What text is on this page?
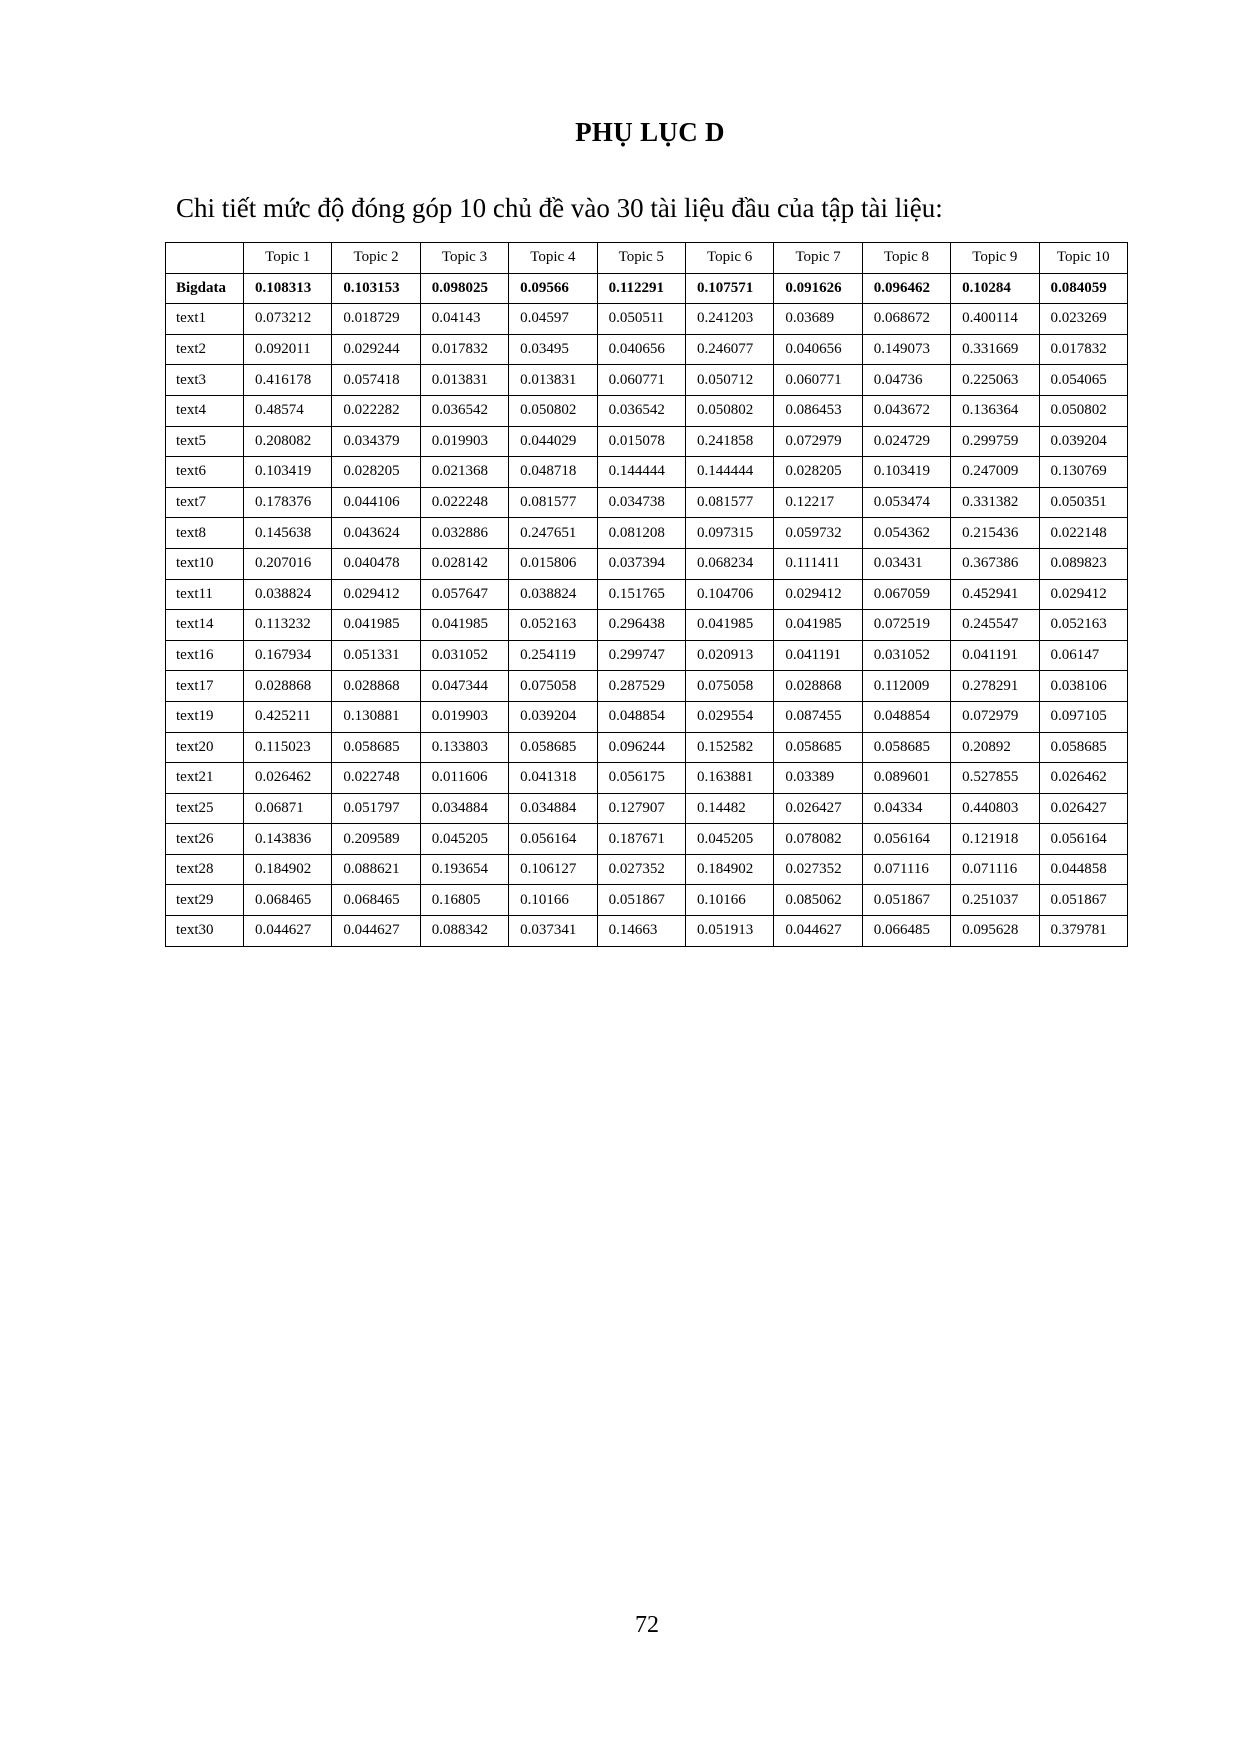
PHỤ LỤC D
Chi tiết mức độ đóng góp 10 chủ đề vào 30 tài liệu đầu của tập tài liệu:
	Topic 1	Topic 2	Topic 3	Topic 4	Topic 5	Topic 6	Topic 7	Topic 8	Topic 9	Topic 10
Bigdata	0.108313	0.103153	0.098025	0.09566	0.112291	0.107571	0.091626	0.096462	0.10284	0.084059
text1	0.073212	0.018729	0.04143	0.04597	0.050511	0.241203	0.03689	0.068672	0.400114	0.023269
text2	0.092011	0.029244	0.017832	0.03495	0.040656	0.246077	0.040656	0.149073	0.331669	0.017832
text3	0.416178	0.057418	0.013831	0.013831	0.060771	0.050712	0.060771	0.04736	0.225063	0.054065
text4	0.48574	0.022282	0.036542	0.050802	0.036542	0.050802	0.086453	0.043672	0.136364	0.050802
text5	0.208082	0.034379	0.019903	0.044029	0.015078	0.241858	0.072979	0.024729	0.299759	0.039204
text6	0.103419	0.028205	0.021368	0.048718	0.144444	0.144444	0.028205	0.103419	0.247009	0.130769
text7	0.178376	0.044106	0.022248	0.081577	0.034738	0.081577	0.12217	0.053474	0.331382	0.050351
text8	0.145638	0.043624	0.032886	0.247651	0.081208	0.097315	0.059732	0.054362	0.215436	0.022148
text10	0.207016	0.040478	0.028142	0.015806	0.037394	0.068234	0.111411	0.03431	0.367386	0.089823
text11	0.038824	0.029412	0.057647	0.038824	0.151765	0.104706	0.029412	0.067059	0.452941	0.029412
text14	0.113232	0.041985	0.041985	0.052163	0.296438	0.041985	0.041985	0.072519	0.245547	0.052163
text16	0.167934	0.051331	0.031052	0.254119	0.299747	0.020913	0.041191	0.031052	0.041191	0.06147
text17	0.028868	0.028868	0.047344	0.075058	0.287529	0.075058	0.028868	0.112009	0.278291	0.038106
text19	0.425211	0.130881	0.019903	0.039204	0.048854	0.029554	0.087455	0.048854	0.072979	0.097105
text20	0.115023	0.058685	0.133803	0.058685	0.096244	0.152582	0.058685	0.058685	0.20892	0.058685
text21	0.026462	0.022748	0.011606	0.041318	0.056175	0.163881	0.03389	0.089601	0.527855	0.026462
text25	0.06871	0.051797	0.034884	0.034884	0.127907	0.14482	0.026427	0.04334	0.440803	0.026427
text26	0.143836	0.209589	0.045205	0.056164	0.187671	0.045205	0.078082	0.056164	0.121918	0.056164
text28	0.184902	0.088621	0.193654	0.106127	0.027352	0.184902	0.027352	0.071116	0.071116	0.044858
text29	0.068465	0.068465	0.16805	0.10166	0.051867	0.10166	0.085062	0.051867	0.251037	0.051867
text30	0.044627	0.044627	0.088342	0.037341	0.14663	0.051913	0.044627	0.066485	0.095628	0.379781
72
